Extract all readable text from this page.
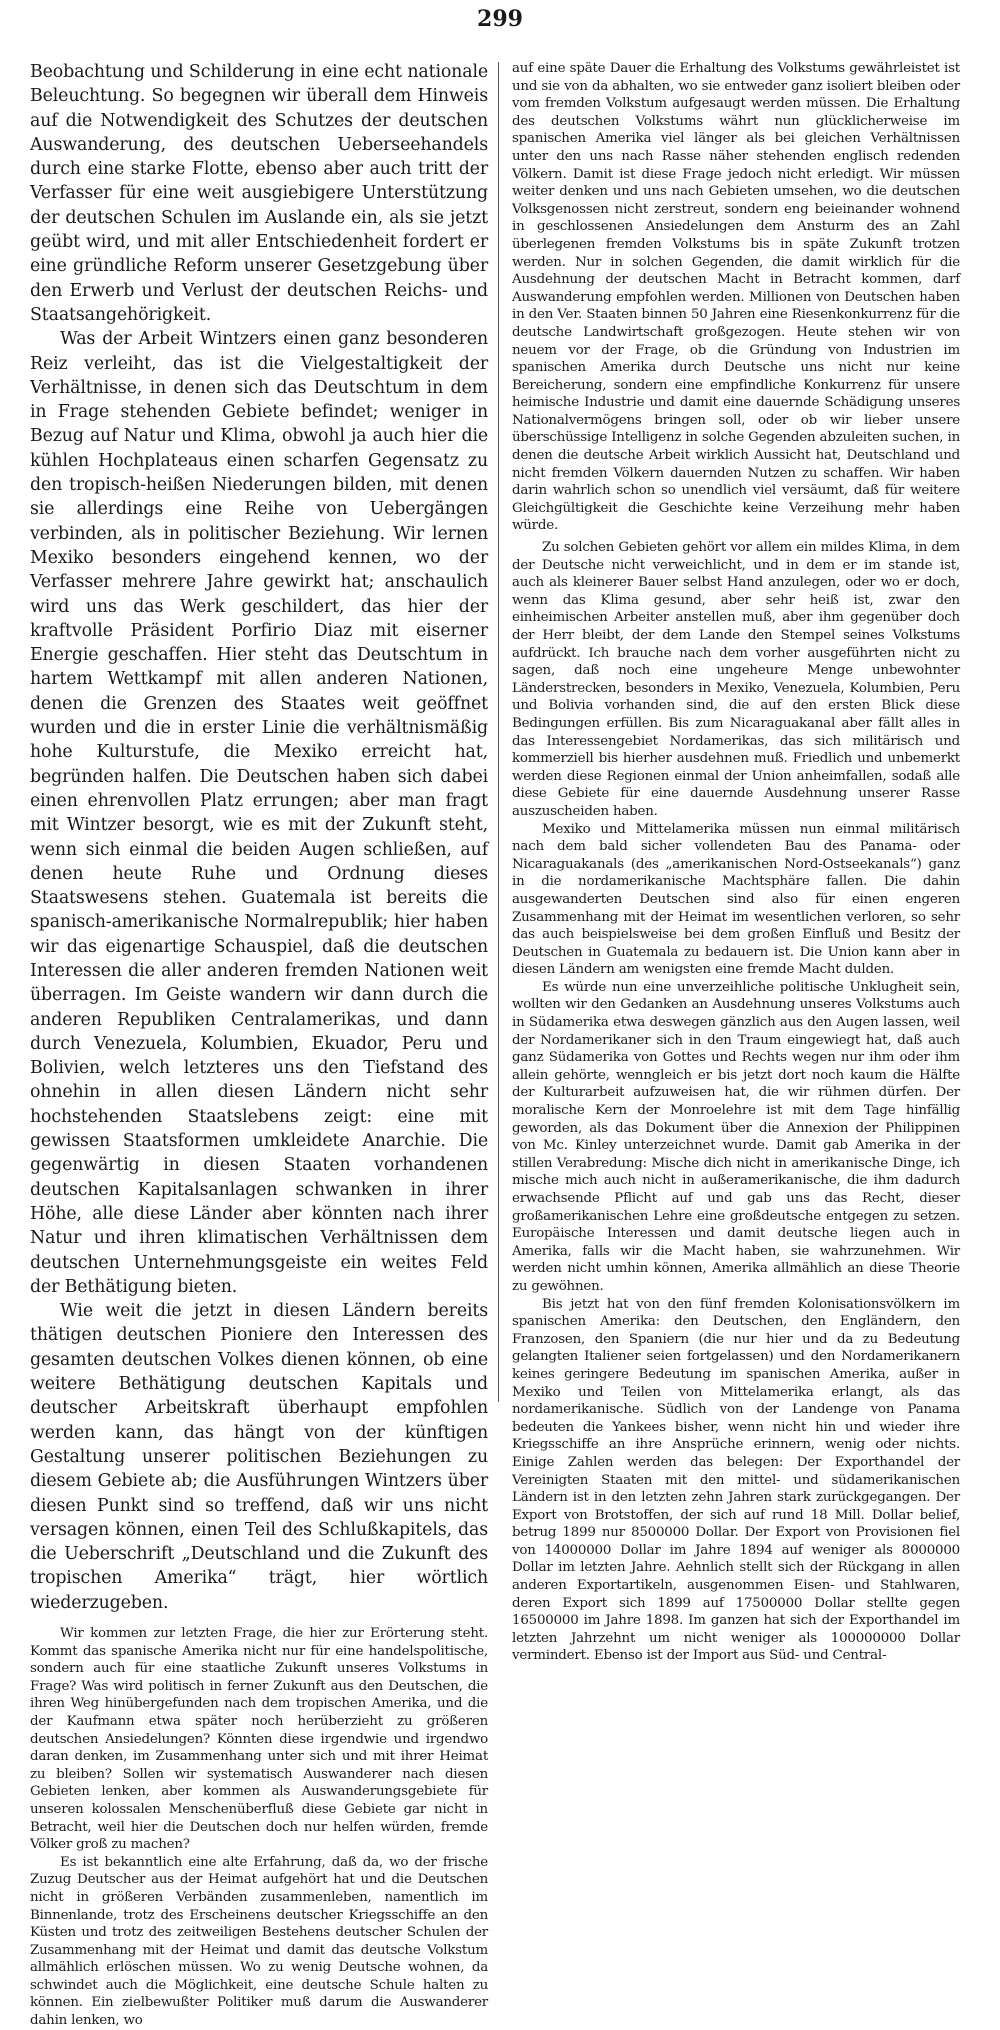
299

Beobachtung und Schilderung in eine echt nationale Beleuchtung. So begegnen wir überall dem Hinweis auf die Notwendigkeit des Schutzes der deutschen Auswanderung, des deutschen Ueberseehandels durch eine starke Flotte, ebenso aber auch tritt der Verfasser für eine weit ausgiebigere Unterstützung der deutschen Schulen im Auslande ein, als sie jetzt geübt wird, und mit aller Entschiedenheit fordert er eine gründliche Reform unserer Gesetzgebung über den Erwerb und Verlust der deutschen Reichs- und Staatsangehörigkeit.

Was der Arbeit Wintzers einen ganz besonderen Reiz verleiht, das ist die Vielgestaltigkeit der Verhältnisse, in denen sich das Deutschtum in dem in Frage stehenden Gebiete befindet; weniger in Bezug auf Natur und Klima, obwohl ja auch hier die kühlen Hochplateaus einen scharfen Gegensatz zu den tropisch-heißen Niederungen bilden, mit denen sie allerdings eine Reihe von Uebergängen verbinden, als in politischer Beziehung. Wir lernen Mexiko besonders eingehend kennen, wo der Verfasser mehrere Jahre gewirkt hat; anschaulich wird uns das Werk geschildert, das hier der kraftvolle Präsident Porfirio Diaz mit eiserner Energie geschaffen. Hier steht das Deutschtum in hartem Wettkampf mit allen anderen Nationen, denen die Grenzen des Staates weit geöffnet wurden und die in erster Linie die verhältnismäßig hohe Kulturstufe, die Mexiko erreicht hat, begründen halfen. Die Deutschen haben sich dabei einen ehrenvollen Platz errungen; aber man fragt mit Wintzer besorgt, wie es mit der Zukunft steht, wenn sich einmal die beiden Augen schließen, auf denen heute Ruhe und Ordnung dieses Staatswesens stehen. Guatemala ist bereits die spanisch-amerikanische Normalrepublik; hier haben wir das eigenartige Schauspiel, daß die deutschen Interessen die aller anderen fremden Nationen weit überragen. Im Geiste wandern wir dann durch die anderen Republiken Centralamerikas, und dann durch Venezuela, Kolumbien, Ekuador, Peru und Bolivien, welch letzteres uns den Tiefstand des ohnehin in allen diesen Ländern nicht sehr hochstehenden Staatslebens zeigt: eine mit gewissen Staatsformen umkleidete Anarchie. Die gegenwärtig in diesen Staaten vorhandenen deutschen Kapitalsanlagen schwanken in ihrer Höhe, alle diese Länder aber könnten nach ihrer Natur und ihren klimatischen Verhältnissen dem deutschen Unternehmungsgeiste ein weites Feld der Bethätigung bieten.

Wie weit die jetzt in diesen Ländern bereits thätigen deutschen Pioniere den Interessen des gesamten deutschen Volkes dienen können, ob eine weitere Bethätigung deutschen Kapitals und deutscher Arbeitskraft überhaupt empfohlen werden kann, das hängt von der künftigen Gestaltung unserer politischen Beziehungen zu diesem Gebiete ab; die Ausführungen Wintzers über diesen Punkt sind so treffend, daß wir uns nicht versagen können, einen Teil des Schlußkapitels, das die Ueberschrift „Deutschland und die Zukunft des tropischen Amerika“ trägt, hier wörtlich wiederzugeben.

Wir kommen zur letzten Frage, die hier zur Erörterung steht. Kommt das spanische Amerika nicht nur für eine handelspolitische, sondern auch für eine staatliche Zukunft unseres Volkstums in Frage? Was wird politisch in ferner Zukunft aus den Deutschen, die ihren Weg hinübergefunden nach dem tropischen Amerika, und die der Kaufmann etwa später noch herüberzieht zu größeren deutschen Ansiedelungen? Könnten diese irgendwie und irgendwo daran denken, im Zusammenhang unter sich und mit ihrer Heimat zu bleiben? Sollen wir systematisch Auswanderer nach diesen Gebieten lenken, aber kommen als Auswanderungsgebiete für unseren kolossalen Menschenüberfluß diese Gebiete gar nicht in Betracht, weil hier die Deutschen doch nur helfen würden, fremde Völker groß zu machen?

Es ist bekanntlich eine alte Erfahrung, daß da, wo der frische Zuzug Deutscher aus der Heimat aufgehört hat und die Deutschen nicht in größeren Verbänden zusammenleben, namentlich im Binnenlande, trotz des Erscheinens deutscher Kriegsschiffe an den Küsten und trotz des zeitweiligen Bestehens deutscher Schulen der Zusammenhang mit der Heimat und damit das deutsche Volkstum allmählich erlöschen müssen. Wo zu wenig Deutsche wohnen, da schwindet auch die Möglichkeit, eine deutsche Schule halten zu können. Ein zielbewußter Politiker muß darum die Auswanderer dahin lenken, wo

auf eine späte Dauer die Erhaltung des Volkstums gewährleistet ist und sie von da abhalten, wo sie entweder ganz isoliert bleiben oder vom fremden Volkstum aufgesaugt werden müssen. Die Erhaltung des deutschen Volkstums währt nun glücklicherweise im spanischen Amerika viel länger als bei gleichen Verhältnissen unter den uns nach Rasse näher stehenden englisch redenden Völkern. Damit ist diese Frage jedoch nicht erledigt. Wir müssen weiter denken und uns nach Gebieten umsehen, wo die deutschen Volksgenossen nicht zerstreut, sondern eng beieinander wohnend in geschlossenen Ansiedelungen dem Ansturm des an Zahl überlegenen fremden Volkstums bis in späte Zukunft trotzen werden. Nur in solchen Gegenden, die damit wirklich für die Ausdehnung der deutschen Macht in Betracht kommen, darf Auswanderung empfohlen werden. Millionen von Deutschen haben in den Ver. Staaten binnen 50 Jahren eine Riesenkonkurrenz für die deutsche Landwirtschaft großgezogen. Heute stehen wir von neuem vor der Frage, ob die Gründung von Industrien im spanischen Amerika durch Deutsche uns nicht nur keine Bereicherung, sondern eine empfindliche Konkurrenz für unsere heimische Industrie und damit eine dauernde Schädigung unseres Nationalvermögens bringen soll, oder ob wir lieber unsere überschüssige Intelligenz in solche Gegenden abzuleiten suchen, in denen die deutsche Arbeit wirklich Aussicht hat, Deutschland und nicht fremden Völkern dauernden Nutzen zu schaffen. Wir haben darin wahrlich schon so unendlich viel versäumt, daß für weitere Gleichgültigkeit die Geschichte keine Verzeihung mehr haben würde.

Zu solchen Gebieten gehört vor allem ein mildes Klima, in dem der Deutsche nicht verweichlicht, und in dem er im stande ist, auch als kleinerer Bauer selbst Hand anzulegen, oder wo er doch, wenn das Klima gesund, aber sehr heiß ist, zwar den einheimischen Arbeiter anstellen muß, aber ihm gegenüber doch der Herr bleibt, der dem Lande den Stempel seines Volkstums aufdrückt. Ich brauche nach dem vorher ausgeführten nicht zu sagen, daß noch eine ungeheure Menge unbewohnter Länderstrecken, besonders in Mexiko, Venezuela, Kolumbien, Peru und Bolivia vorhanden sind, die auf den ersten Blick diese Bedingungen erfüllen. Bis zum Nicaraguakanal aber fällt alles in das Interessengebiet Nordamerikas, das sich militärisch und kommerziell bis hierher ausdehnen muß. Friedlich und unbemerkt werden diese Regionen einmal der Union anheimfallen, sodaß alle diese Gebiete für eine dauernde Ausdehnung unserer Rasse auszuscheiden haben.

Mexiko und Mittelamerika müssen nun einmal militärisch nach dem bald sicher vollendeten Bau des Panama- oder Nicaraguakanals (des „amerikanischen Nord-Ostseekanals“) ganz in die nordamerikanische Machtsphäre fallen. Die dahin ausgewanderten Deutschen sind also für einen engeren Zusammenhang mit der Heimat im wesentlichen verloren, so sehr das auch beispielsweise bei dem großen Einfluß und Besitz der Deutschen in Guatemala zu bedauern ist. Die Union kann aber in diesen Ländern am wenigsten eine fremde Macht dulden.

Es würde nun eine unverzeihliche politische Unklugheit sein, wollten wir den Gedanken an Ausdehnung unseres Volkstums auch in Südamerika etwa deswegen gänzlich aus den Augen lassen, weil der Nordamerikaner sich in den Traum eingewiegt hat, daß auch ganz Südamerika von Gottes und Rechts wegen nur ihm oder ihm allein gehörte, wenngleich er bis jetzt dort noch kaum die Hälfte der Kulturarbeit aufzuweisen hat, die wir rühmen dürfen. Der moralische Kern der Monroelehre ist mit dem Tage hinfällig geworden, als das Dokument über die Annexion der Philippinen von Mc. Kinley unterzeichnet wurde. Damit gab Amerika in der stillen Verabredung: Mische dich nicht in amerikanische Dinge, ich mische mich auch nicht in außeramerikanische, die ihm dadurch erwachsende Pflicht auf und gab uns das Recht, dieser großamerikanischen Lehre eine großdeutsche entgegen zu setzen. Europäische Interessen und damit deutsche liegen auch in Amerika, falls wir die Macht haben, sie wahrzunehmen. Wir werden nicht umhin können, Amerika allmählich an diese Theorie zu gewöhnen.

Bis jetzt hat von den fünf fremden Kolonisationsvölkern im spanischen Amerika: den Deutschen, den Engländern, den Franzosen, den Spaniern (die nur hier und da zu Bedeutung gelangten Italiener seien fortgelassen) und den Nordamerikanern keines geringere Bedeutung im spanischen Amerika, außer in Mexiko und Teilen von Mittelamerika erlangt, als das nordamerikanische. Südlich von der Landenge von Panama bedeuten die Yankees bisher, wenn nicht hin und wieder ihre Kriegsschiffe an ihre Ansprüche erinnern, wenig oder nichts. Einige Zahlen werden das belegen: Der Exporthandel der Vereinigten Staaten mit den mittel- und südamerikanischen Ländern ist in den letzten zehn Jahren stark zurückgegangen. Der Export von Brotstoffen, der sich auf rund 18 Mill. Dollar belief, betrug 1899 nur 8500000 Dollar. Der Export von Provisionen fiel von 14000000 Dollar im Jahre 1894 auf weniger als 8000000 Dollar im letzten Jahre. Aehnlich stellt sich der Rückgang in allen anderen Exportartikeln, ausgenommen Eisen- und Stahlwaren, deren Export sich 1899 auf 17500000 Dollar stellte gegen 16500000 im Jahre 1898. Im ganzen hat sich der Exporthandel im letzten Jahrzehnt um nicht weniger als 100000000 Dollar vermindert. Ebenso ist der Import aus Süd- und Central-
